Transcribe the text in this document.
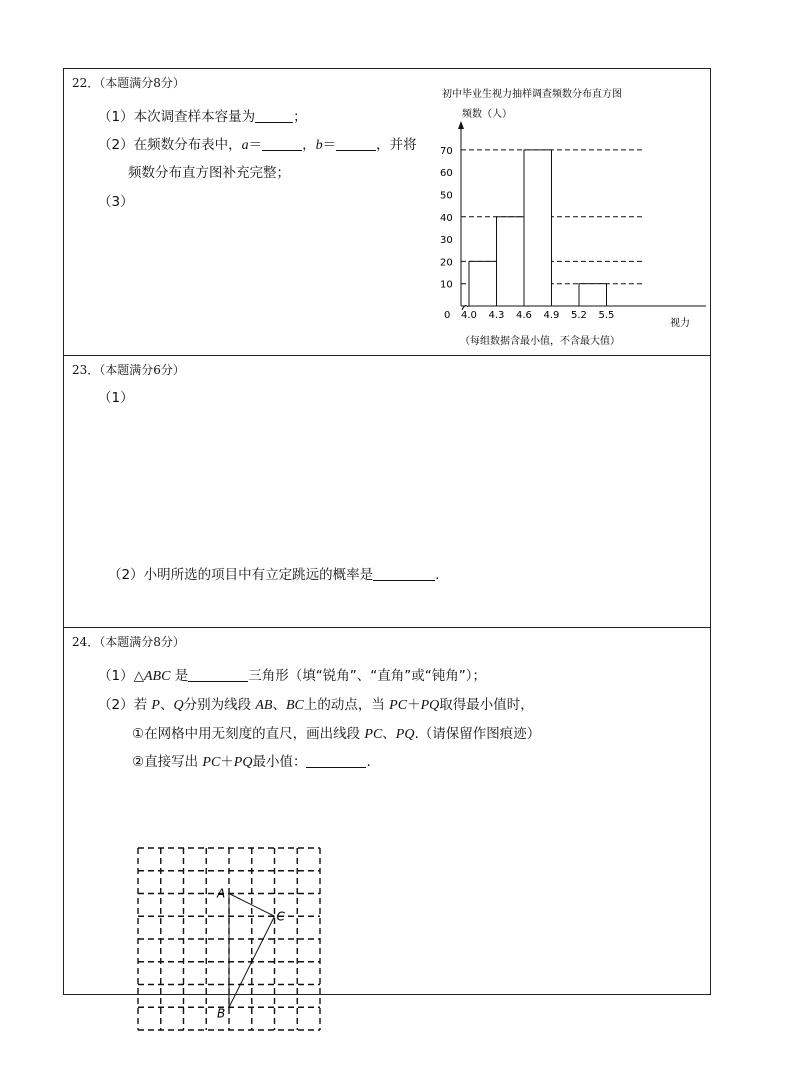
22．（本题满分8分）
（1）本次调查样本容量为	；
（2）在频数分布表中，a＝	，b＝	，并将
频数分布直方图补充完整；
（3）
初中毕业生视力抽样调查频数分布直方图
频数（人）
0
10
20
30
40
50
60
70
4.0 4.3 4.6 4.9 5.2 5.5
视力
（每组数据含最小值，不含最大值）
23．（本题满分6分）
（1）
（2）小明所选的项目中有立定跳远的概率是	.
24．（本题满分8分）
（1）△ABC 是	三角形（填“锐角”、“直角”或“钝角”）；
（2）若 P、Q分别为线段 AB、BC上的动点，当 PC＋PQ取得最小值时，
①在网格中用无刻度的直尺，画出线段 PC、PQ.（请保留作图痕迹）
②直接写出 PC＋PQ最小值：	.
A
B
C
